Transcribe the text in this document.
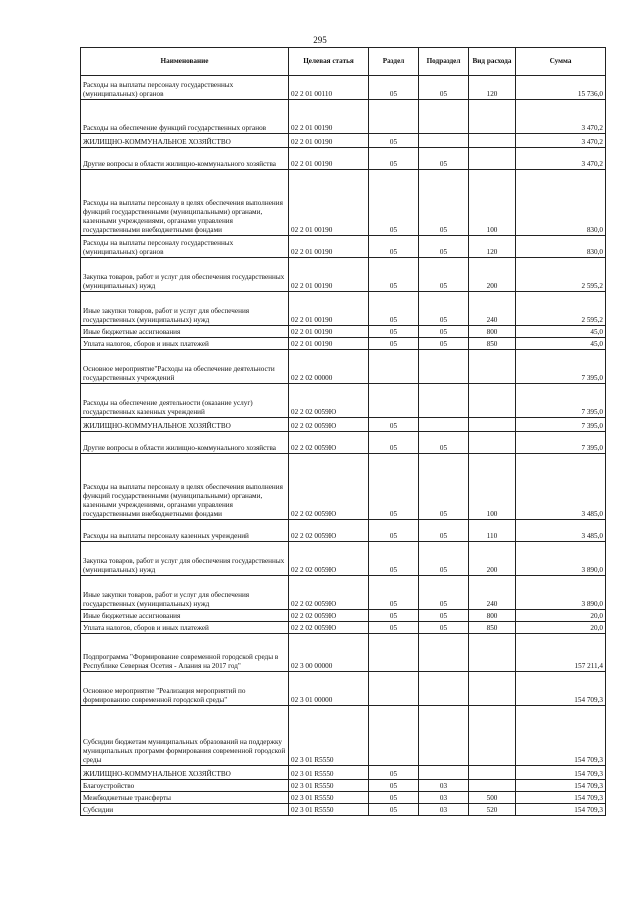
295
Наименование	Целевая статья	Раздел	Подраздел	Вид расхода	Сумма
Расходы на выплаты персоналу государственных (муниципальных) органов	02 2 01 00110	05	05	120	15 736,0
Расходы на обеспечение функций государственных органов	02 2 01 00190				3 470,2
ЖИЛИЩНО-КОММУНАЛЬНОЕ ХОЗЯЙСТВО	02 2 01 00190	05			3 470,2
Другие вопросы в области жилищно-коммунального хозяйства	02 2 01 00190	05	05		3 470,2
Расходы на выплаты персоналу в целях обеспечения выполнения функций государственными (муниципальными) органами, казенными учреждениями, органами управления государственными внебюджетными фондами	02 2 01 00190	05	05	100	830,0
Расходы на выплаты персоналу государственных (муниципальных) органов	02 2 01 00190	05	05	120	830,0
Закупка товаров, работ и услуг для обеспечения государственных (муниципальных) нужд	02 2 01 00190	05	05	200	2 595,2
Иные закупки товаров, работ и услуг для обеспечения государственных (муниципальных) нужд	02 2 01 00190	05	05	240	2 595,2
Иные бюджетные ассигнования	02 2 01 00190	05	05	800	45,0
Уплата налогов, сборов и иных платежей	02 2 01 00190	05	05	850	45,0
Основное мероприятие"Расходы на обеспечение деятельности государственных учреждений	02 2 02 00000				7 395,0
Расходы на обеспечение деятельности (оказание услуг) государственных казенных учреждений	02 2 02 0059Ю				7 395,0
ЖИЛИЩНО-КОММУНАЛЬНОЕ ХОЗЯЙСТВО	02 2 02 0059Ю	05			7 395,0
Другие вопросы в области жилищно-коммунального хозяйства	02 2 02 0059Ю	05	05		7 395,0
Расходы на выплаты персоналу в целях обеспечения выполнения функций государственными (муниципальными) органами, казенными учреждениями, органами управления государственными внебюджетными фондами	02 2 02 0059Ю	05	05	100	3 485,0
Расходы на выплаты персоналу казенных учреждений	02 2 02 0059Ю	05	05	110	3 485,0
Закупка товаров, работ и услуг для обеспечения государственных (муниципальных) нужд	02 2 02 0059Ю	05	05	200	3 890,0
Иные закупки товаров, работ и услуг для обеспечения государственных (муниципальных) нужд	02 2 02 0059Ю	05	05	240	3 890,0
Иные бюджетные ассигнования	02 2 02 0059Ю	05	05	800	20,0
Уплата налогов, сборов и иных платежей	02 2 02 0059Ю	05	05	850	20,0
Подпрограмма "Формирование современной городской среды в Республике Северная Осетия - Алания на 2017 год"	02 3 00 00000				157 211,4
Основное мероприятие "Реализация мероприятий по формированию современной городской среды"	02 3 01 00000				154 709,3
Субсидии бюджетам муниципальных образований на поддержку муниципальных программ формирования современной городской среды	02 3 01 R5550				154 709,3
ЖИЛИЩНО-КОММУНАЛЬНОЕ ХОЗЯЙСТВО	02 3 01 R5550	05			154 709,3
Благоустройство	02 3 01 R5550	05	03		154 709,3
Межбюджетные трансферты	02 3 01 R5550	05	03	500	154 709,3
Субсидии	02 3 01 R5550	05	03	520	154 709,3
